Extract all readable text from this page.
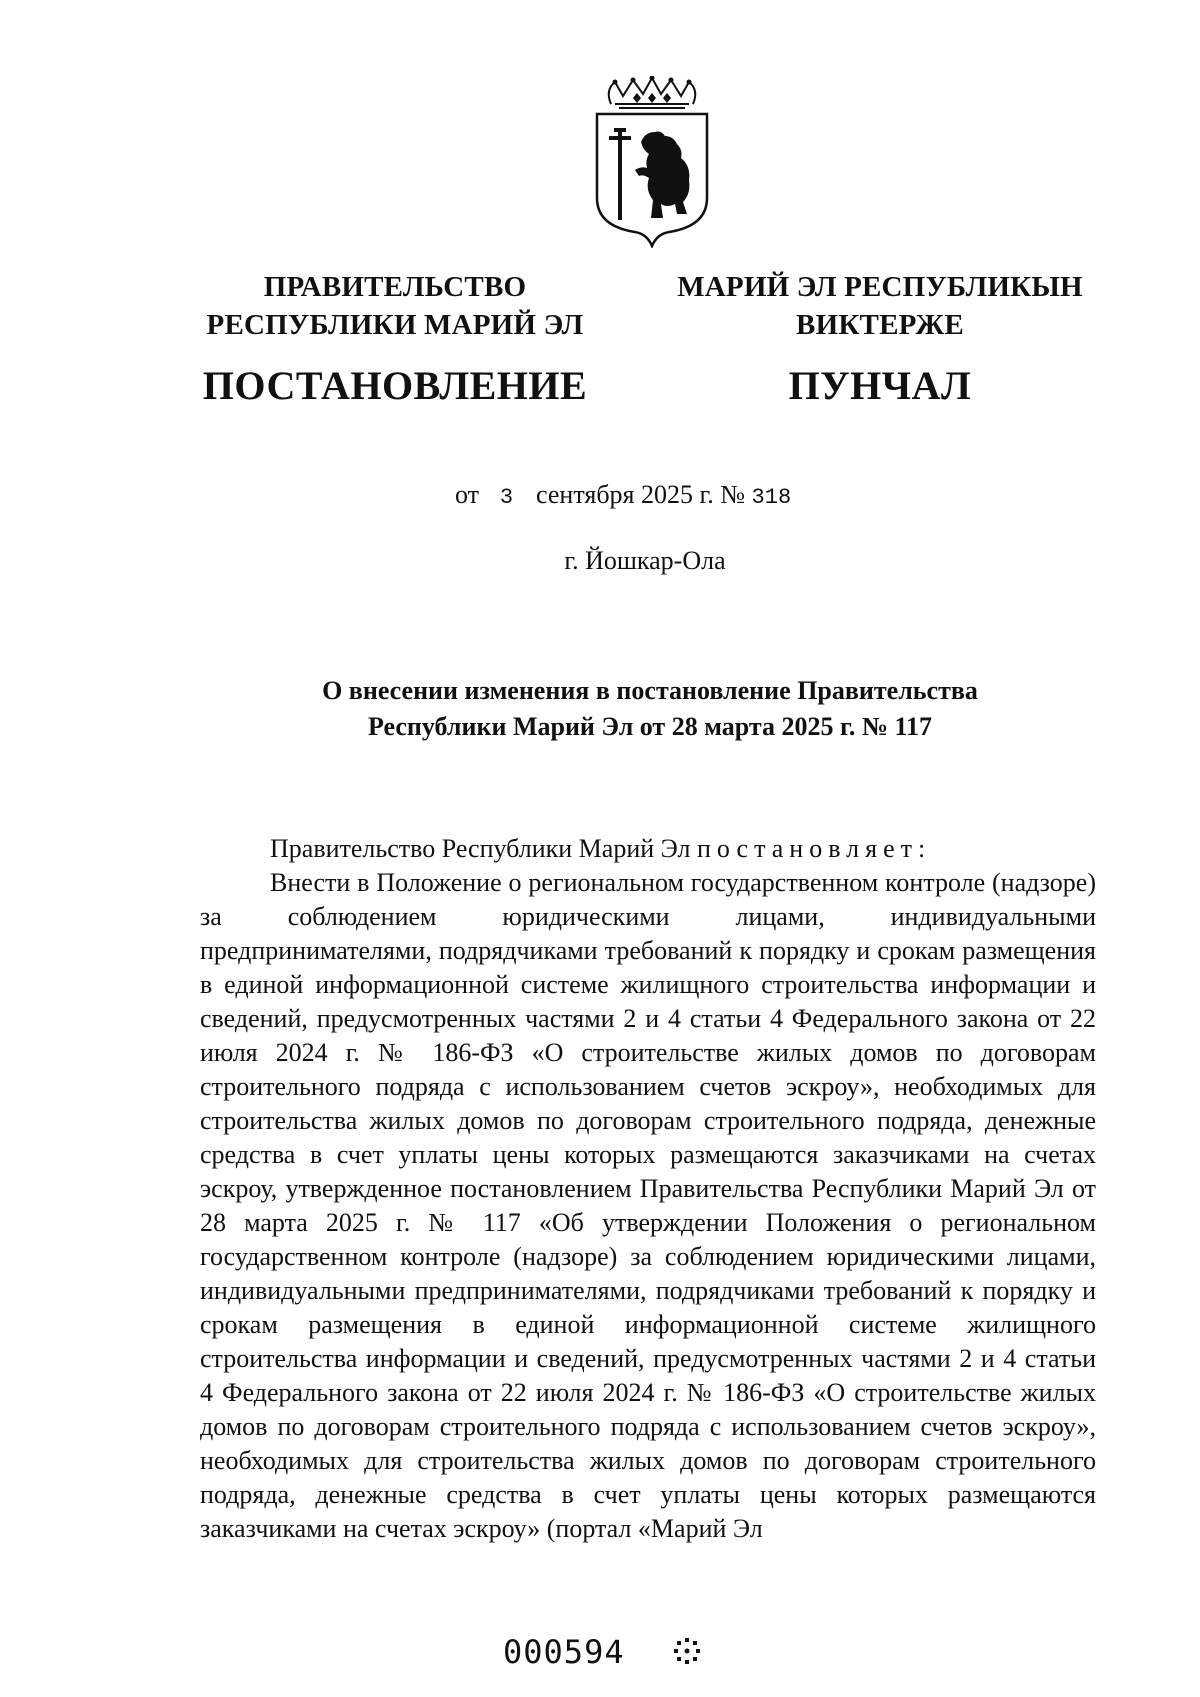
ПРАВИТЕЛЬСТВО
РЕСПУБЛИКИ МАРИЙ ЭЛ
ПОСТАНОВЛЕНИЕ
МАРИЙ ЭЛ РЕСПУБЛИКЫН
ВИКТЕРЖЕ
ПУНЧАЛ
от 3 сентября 2025 г. № 318
г. Йошкар-Ола
О внесении изменения в постановление Правительства
Республики Марий Эл от 28 марта 2025 г. № 117
Правительство Республики Марий Эл постановляет:
Внести в Положение о региональном государственном контроле (надзоре) за соблюдением юридическими лицами, индивидуальными предпринимателями, подрядчиками требований к порядку и срокам размещения в единой информационной системе жилищного строительства информации и сведений, предусмотренных частями 2 и 4 статьи 4 Федерального закона от 22 июля 2024 г. № 186-ФЗ «О строительстве жилых домов по договорам строительного подряда с использованием счетов эскроу», необходимых для строительства жилых домов по договорам строительного подряда, денежные средства в счет уплаты цены которых размещаются заказчиками на счетах эскроу, утвержденное постановлением Правительства Республики Марий Эл от 28 марта 2025 г. № 117 «Об утверждении Положения о региональном государственном контроле (надзоре) за соблюдением юридическими лицами, индивидуальными предпринимателями, подрядчиками требований к порядку и срокам размещения в единой информационной системе жилищного строительства информации и сведений, предусмотренных частями 2 и 4 статьи 4 Федерального закона от 22 июля 2024 г. № 186-ФЗ «О строительстве жилых домов по договорам строительного подряда с использованием счетов эскроу», необходимых для строительства жилых домов по договорам строительного подряда, денежные средства в счет уплаты цены которых размещаются заказчиками на счетах эскроу» (портал «Марий Эл
000594
